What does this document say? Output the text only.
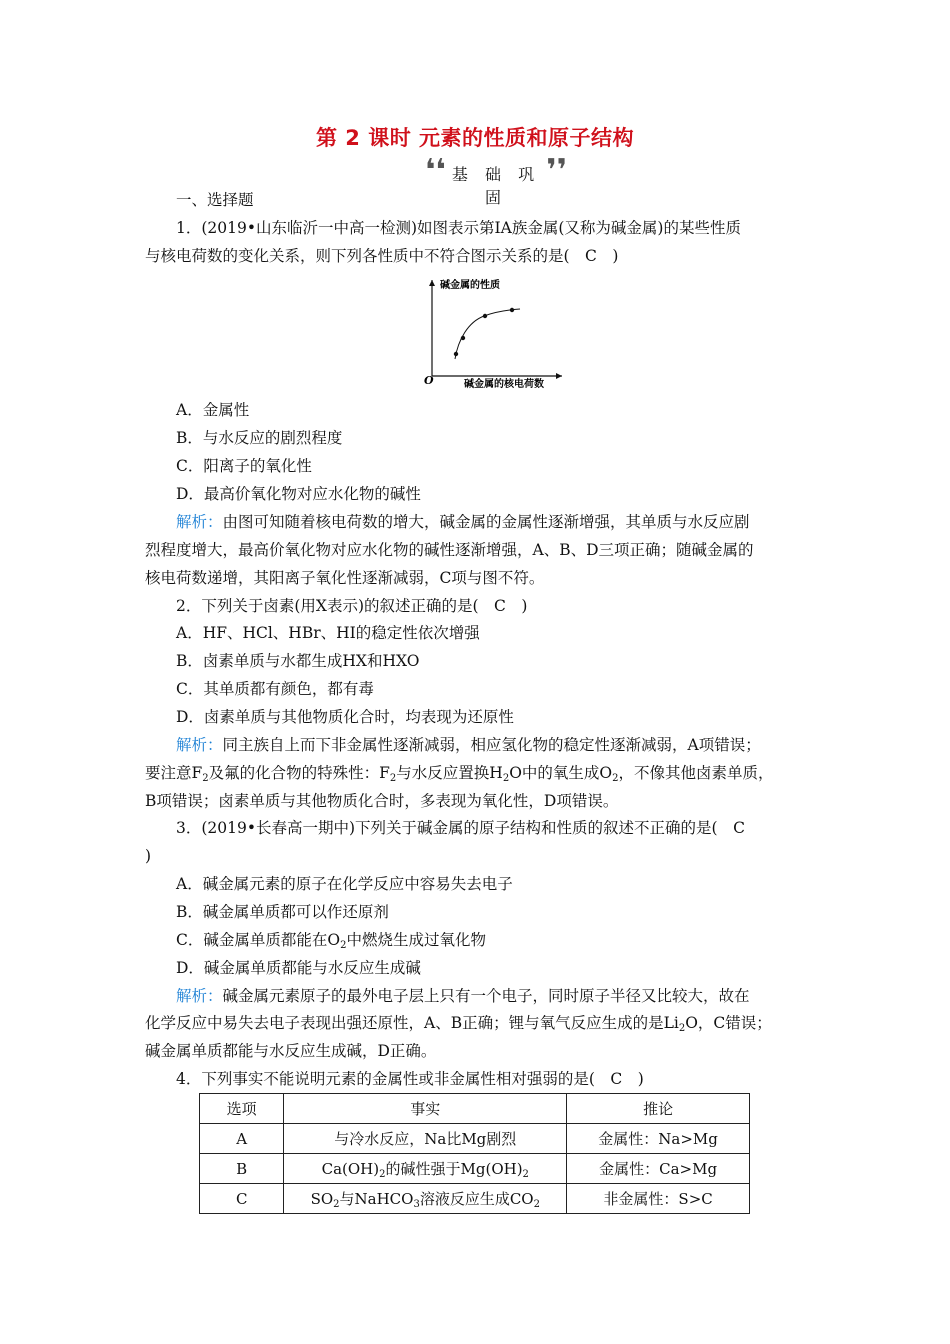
第 2 课时 元素的性质和原子结构
❛❛ 基 础 巩 固
❜❜
一、选择题
1．(2019•山东临沂一中高一检测)如图表示第ⅠA族金属(又称为碱金属)的某些性质
与核电荷数的变化关系，则下列各性质中不符合图示关系的是(　C　)
碱金属的性质
碱金属的核电荷数
O
A．金属性
B．与水反应的剧烈程度
C．阳离子的氧化性
D．最高价氧化物对应水化物的碱性
解析：由图可知随着核电荷数的增大，碱金属的金属性逐渐增强，其单质与水反应剧
烈程度增大，最高价氧化物对应水化物的碱性逐渐增强，A、B、D三项正确；随碱金属的
核电荷数递增，其阳离子氧化性逐渐减弱，C项与图不符。
2．下列关于卤素(用X表示)的叙述正确的是(　C　)
A．HF、HCl、HBr、HI的稳定性依次增强
B．卤素单质与水都生成HX和HXO
C．其单质都有颜色，都有毒
D．卤素单质与其他物质化合时，均表现为还原性
解析：同主族自上而下非金属性逐渐减弱，相应氢化物的稳定性逐渐减弱，A项错误；
要注意$F_2$及氟的化合物的特殊性：$F_2$与水反应置换$H_2O$中的氧生成$O_2$，不像其他卤素单质，
B项错误；卤素单质与其他物质化合时，多表现为氧化性，D项错误。
3．(2019•长春高一期中)下列关于碱金属的原子结构和性质的叙述不正确的是(　C
)
A．碱金属元素的原子在化学反应中容易失去电子
B．碱金属单质都可以作还原剂
C．碱金属单质都能在$O_2$中燃烧生成过氧化物
D．碱金属单质都能与水反应生成碱
解析：碱金属元素原子的最外电子层上只有一个电子，同时原子半径又比较大，故在
化学反应中易失去电子表现出强还原性，A、B正确；锂与氧气反应生成的是$Li_2O$，C错误；
碱金属单质都能与水反应生成碱，D正确。
4．下列事实不能说明元素的金属性或非金属性相对强弱的是(　C　)
选项	事实	推论
A	与冷水反应，Na比Mg剧烈	金属性：Na>Mg
B	$Ca(OH)_2$的碱性强于$Mg(OH)_2$	金属性：Ca>Mg
C	$SO_2$与NaHCO$_3$溶液反应生成$CO_2$	非金属性：S>C
